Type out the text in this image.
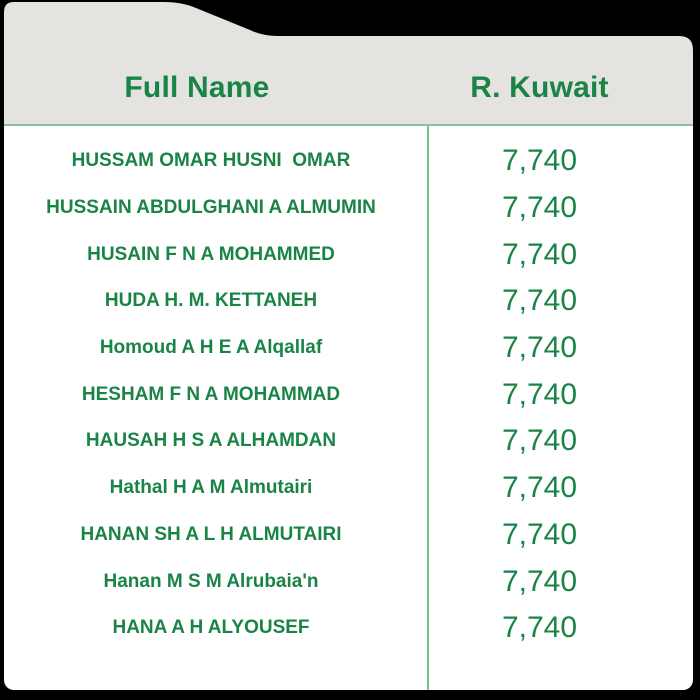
Full Name	R. Kuwait
HUSSAM OMAR HUSNI  OMAR	7,740
HUSSAIN ABDULGHANI A ALMUMIN	7,740
HUSAIN F N A MOHAMMED	7,740
HUDA H. M. KETTANEH	7,740
Homoud A H E A Alqallaf	7,740
HESHAM F N A MOHAMMAD	7,740
HAUSAH H S A ALHAMDAN	7,740
Hathal H A M Almutairi	7,740
HANAN SH A L H ALMUTAIRI	7,740
Hanan M S M Alrubaia'n	7,740
HANA A H ALYOUSEF	7,740
